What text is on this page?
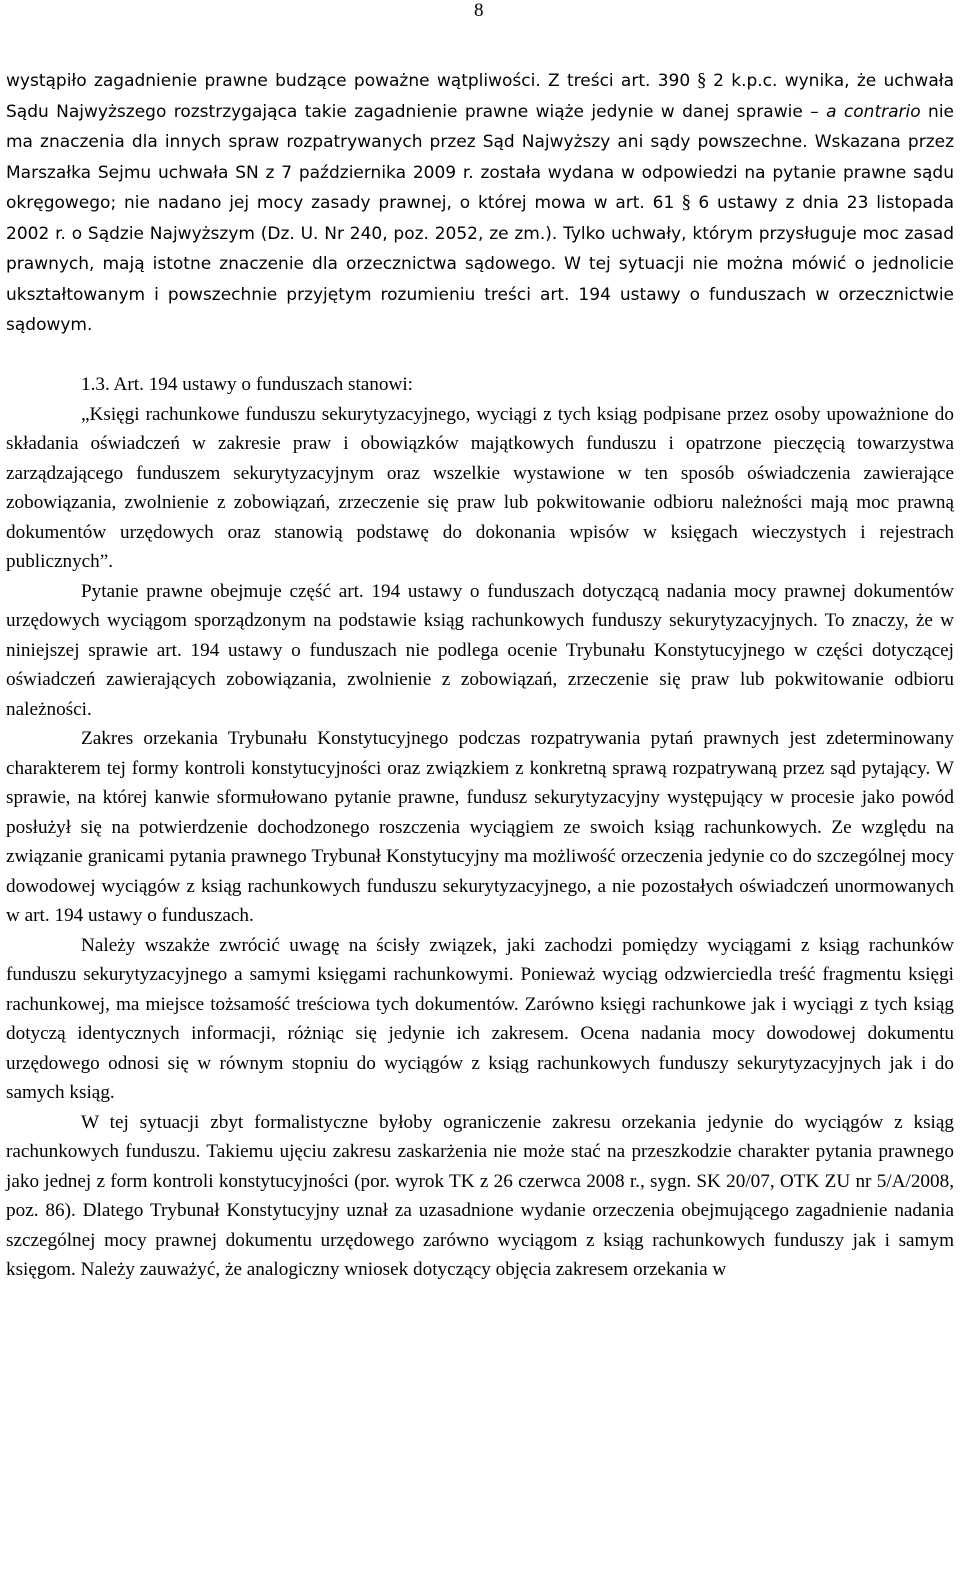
8

wystąpiło zagadnienie prawne budzące poważne wątpliwości. Z treści art. 390 § 2 k.p.c. wynika, że uchwała Sądu Najwyższego rozstrzygająca takie zagadnienie prawne wiąże jedynie w danej sprawie – a contrario nie ma znaczenia dla innych spraw rozpatrywanych przez Sąd Najwyższy ani sądy powszechne. Wskazana przez Marszałka Sejmu uchwała SN z 7 października 2009 r. została wydana w odpowiedzi na pytanie prawne sądu okręgowego; nie nadano jej mocy zasady prawnej, o której mowa w art. 61 § 6 ustawy z dnia 23 listopada 2002 r. o Sądzie Najwyższym (Dz. U. Nr 240, poz. 2052, ze zm.). Tylko uchwały, którym przysługuje moc zasad prawnych, mają istotne znaczenie dla orzecznictwa sądowego. W tej sytuacji nie można mówić o jednolicie ukształtowanym i powszechnie przyjętym rozumieniu treści art. 194 ustawy o funduszach w orzecznictwie sądowym.

1.3. Art. 194 ustawy o funduszach stanowi:

„Księgi rachunkowe funduszu sekurytyzacyjnego, wyciągi z tych ksiąg podpisane przez osoby upoważnione do składania oświadczeń w zakresie praw i obowiązków majątkowych funduszu i opatrzone pieczęcią towarzystwa zarządzającego funduszem sekurytyzacyjnym oraz wszelkie wystawione w ten sposób oświadczenia zawierające zobowiązania, zwolnienie z zobowiązań, zrzeczenie się praw lub pokwitowanie odbioru należności mają moc prawną dokumentów urzędowych oraz stanowią podstawę do dokonania wpisów w księgach wieczystych i rejestrach publicznych”.

Pytanie prawne obejmuje część art. 194 ustawy o funduszach dotyczącą nadania mocy prawnej dokumentów urzędowych wyciągom sporządzonym na podstawie ksiąg rachunkowych funduszy sekurytyzacyjnych. To znaczy, że w niniejszej sprawie art. 194 ustawy o funduszach nie podlega ocenie Trybunału Konstytucyjnego w części dotyczącej oświadczeń zawierających zobowiązania, zwolnienie z zobowiązań, zrzeczenie się praw lub pokwitowanie odbioru należności.

Zakres orzekania Trybunału Konstytucyjnego podczas rozpatrywania pytań prawnych jest zdeterminowany charakterem tej formy kontroli konstytucyjności oraz związkiem z konkretną sprawą rozpatrywaną przez sąd pytający. W sprawie, na której kanwie sformułowano pytanie prawne, fundusz sekurytyzacyjny występujący w procesie jako powód posłużył się na potwierdzenie dochodzonego roszczenia wyciągiem ze swoich ksiąg rachunkowych. Ze względu na związanie granicami pytania prawnego Trybunał Konstytucyjny ma możliwość orzeczenia jedynie co do szczególnej mocy dowodowej wyciągów z ksiąg rachunkowych funduszu sekurytyzacyjnego, a nie pozostałych oświadczeń unormowanych w art. 194 ustawy o funduszach.

Należy wszakże zwrócić uwagę na ścisły związek, jaki zachodzi pomiędzy wyciągami z ksiąg rachunków funduszu sekurytyzacyjnego a samymi księgami rachunkowymi. Ponieważ wyciąg odzwierciedla treść fragmentu księgi rachunkowej, ma miejsce tożsamość treściowa tych dokumentów. Zarówno księgi rachunkowe jak i wyciągi z tych ksiąg dotyczą identycznych informacji, różniąc się jedynie ich zakresem. Ocena nadania mocy dowodowej dokumentu urzędowego odnosi się w równym stopniu do wyciągów z ksiąg rachunkowych funduszy sekurytyzacyjnych jak i do samych ksiąg.

W tej sytuacji zbyt formalistyczne byłoby ograniczenie zakresu orzekania jedynie do wyciągów z ksiąg rachunkowych funduszu. Takiemu ujęciu zakresu zaskarżenia nie może stać na przeszkodzie charakter pytania prawnego jako jednej z form kontroli konstytucyjności (por. wyrok TK z 26 czerwca 2008 r., sygn. SK 20/07, OTK ZU nr 5/A/2008, poz. 86). Dlatego Trybunał Konstytucyjny uznał za uzasadnione wydanie orzeczenia obejmującego zagadnienie nadania szczególnej mocy prawnej dokumentu urzędowego zarówno wyciągom z ksiąg rachunkowych funduszy jak i samym księgom. Należy zauważyć, że analogiczny wniosek dotyczący objęcia zakresem orzekania w
